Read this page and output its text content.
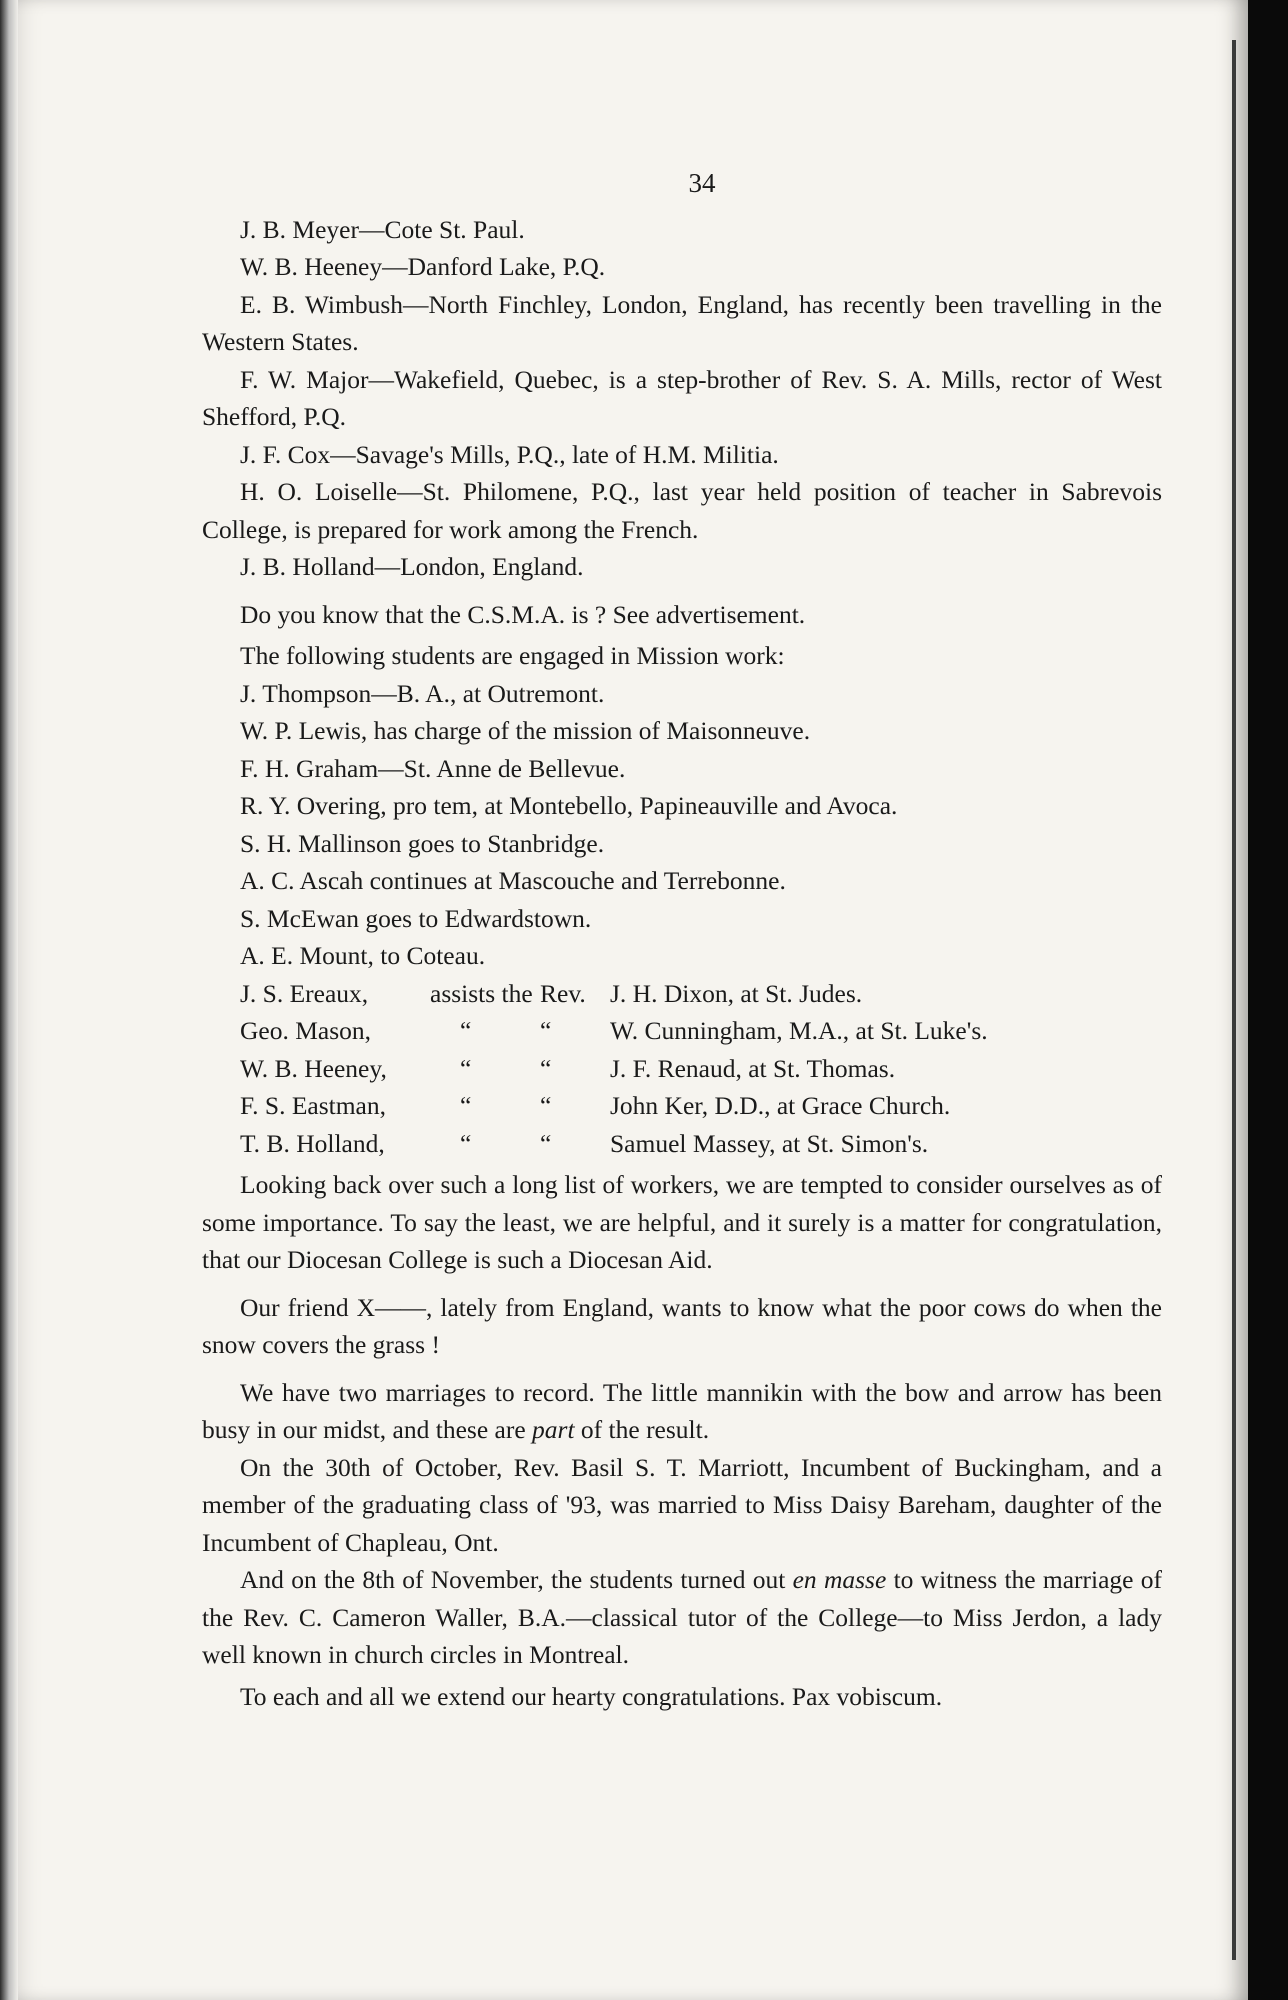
34

J. B. Meyer—Cote St. Paul.

W. B. Heeney—Danford Lake, P.Q.

E. B. Wimbush—North Finchley, London, England, has recently been travelling in the Western States.

F. W. Major—Wakefield, Quebec, is a step-brother of Rev. S. A. Mills, rector of West Shefford, P.Q.

J. F. Cox—Savage's Mills, P.Q., late of H.M. Militia.

H. O. Loiselle—St. Philomene, P.Q., last year held position of teacher in Sabrevois College, is prepared for work among the French.

J. B. Holland—London, England.

Do you know that the C.S.M.A. is ? See advertisement.

The following students are engaged in Mission work:

J. Thompson—B. A., at Outremont.

W. P. Lewis, has charge of the mission of Maisonneuve.

F. H. Graham—St. Anne de Bellevue.

R. Y. Overing, pro tem, at Montebello, Papineauville and Avoca.

S. H. Mallinson goes to Stanbridge.

A. C. Ascah continues at Mascouche and Terrebonne.

S. McEwan goes to Edwardstown.

A. E. Mount, to Coteau.

J. S. Ereaux,	assists the Rev. J. H. Dixon, at St. Judes.
Geo. Mason,	“	“	W. Cunningham, M.A., at St. Luke's.
W. B. Heeney,	“	“	J. F. Renaud, at St. Thomas.
F. S. Eastman,	“	“	John Ker, D.D., at Grace Church.
T. B. Holland,	“	“	Samuel Massey, at St. Simon's.

Looking back over such a long list of workers, we are tempted to consider ourselves as of some importance. To say the least, we are helpful, and it surely is a matter for congratulation, that our Diocesan College is such a Diocesan Aid.

Our friend X——, lately from England, wants to know what the poor cows do when the snow covers the grass !

We have two marriages to record. The little mannikin with the bow and arrow has been busy in our midst, and these are part of the result.

On the 30th of October, Rev. Basil S. T. Marriott, Incumbent of Buckingham, and a member of the graduating class of '93, was married to Miss Daisy Bareham, daughter of the Incumbent of Chapleau, Ont.

And on the 8th of November, the students turned out en masse to witness the marriage of the Rev. C. Cameron Waller, B.A.—classical tutor of the College—to Miss Jerdon, a lady well known in church circles in Montreal.

To each and all we extend our hearty congratulations. Pax vobiscum.
